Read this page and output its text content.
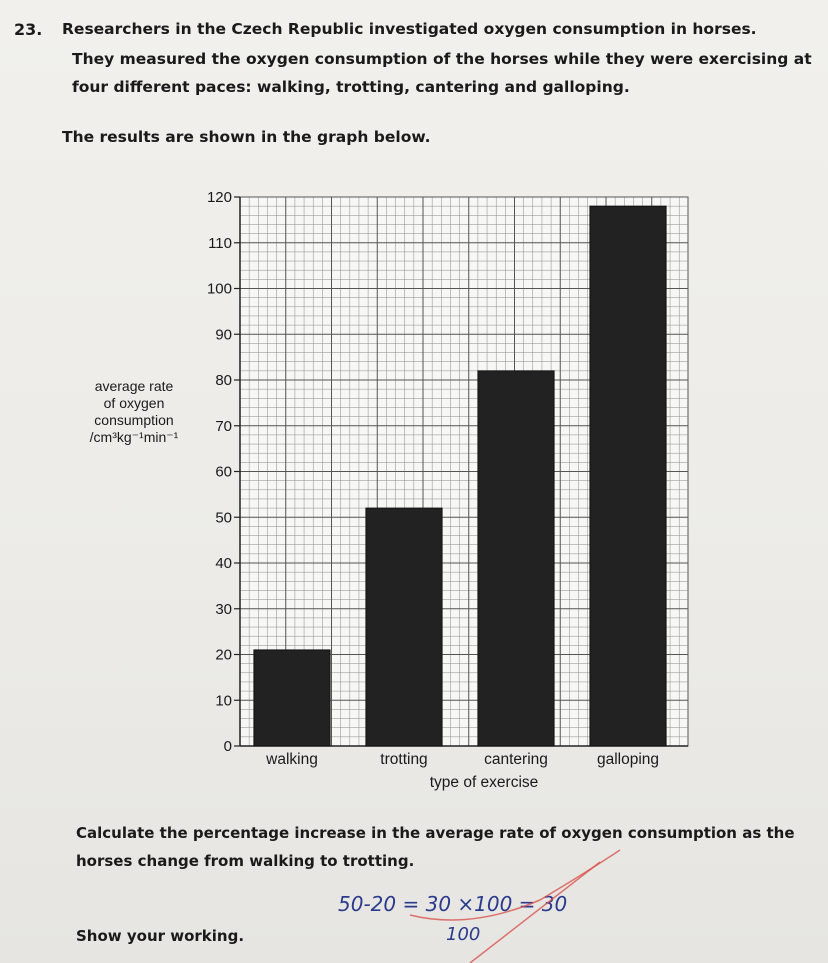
23. Researchers in the Czech Republic investigated oxygen consumption in horses.
They measured the oxygen consumption of the horses while they were exercising at
four different paces: walking, trotting, cantering and galloping.
The results are shown in the graph below.
average rate
of oxygen
consumption
/cm³kg⁻¹min⁻¹
0
10
20
30
40
50
60
70
80
90
100
110
120
walking	trotting	cantering	galloping
type of exercise
Calculate the percentage increase in the average rate of oxygen consumption as the
horses change from walking to trotting.
Show your working.
50-20 = 30 ×100 = 30
100
